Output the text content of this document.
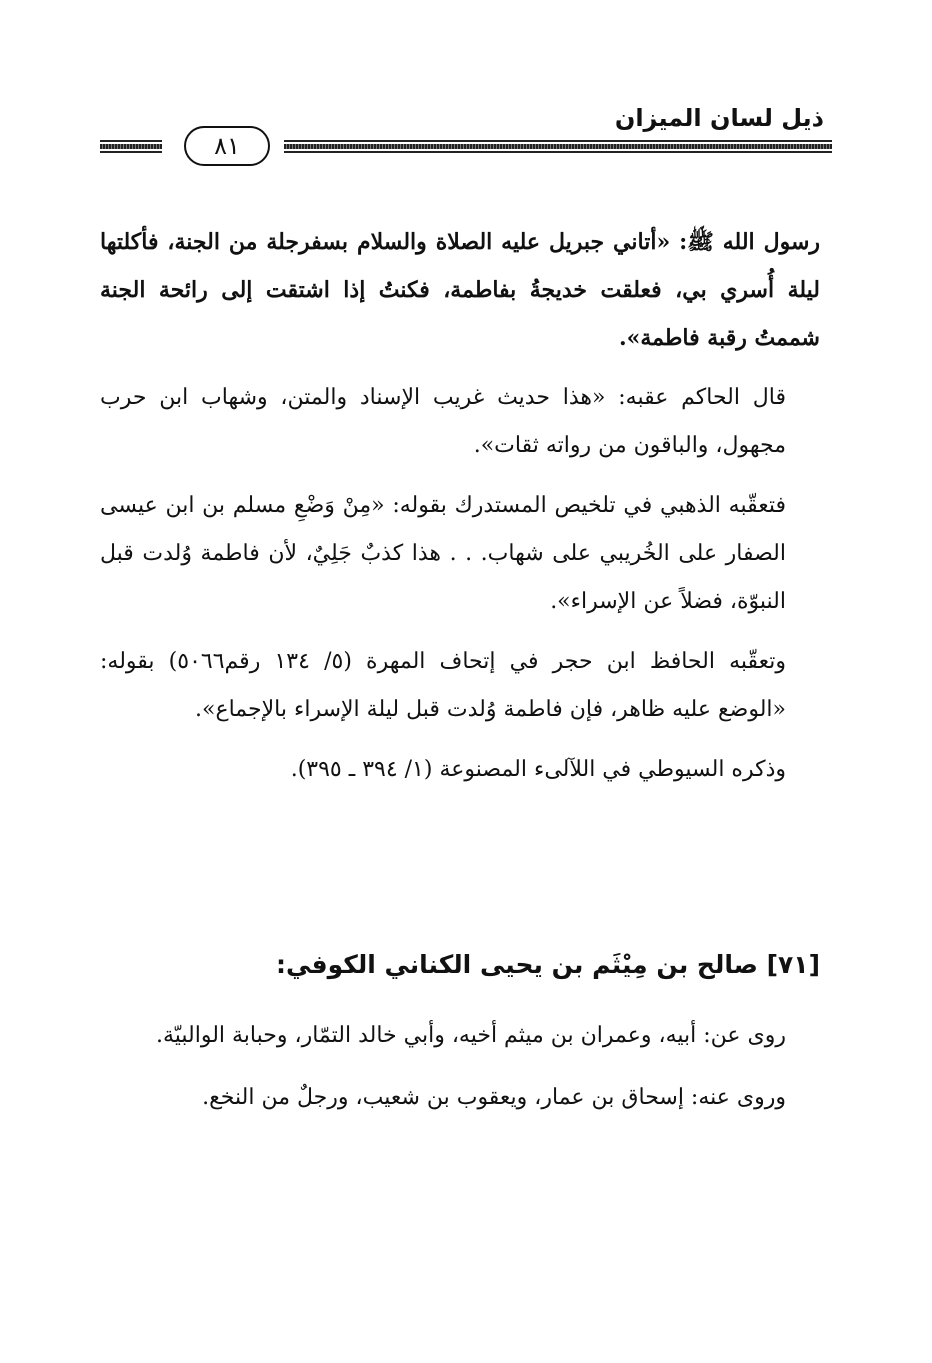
ذيل لسان الميزان
٨١

رسول الله ﷺ: «أتاني جبريل عليه الصلاة والسلام بسفرجلة من الجنة، فأكلتها ليلة أُسري بي، فعلقت خديجةُ بفاطمة، فكنتُ إذا اشتقت إلى رائحة الجنة شممتُ رقبة فاطمة».

قال الحاكم عقبه: «هذا حديث غريب الإسناد والمتن، وشهاب ابن حرب مجهول، والباقون من رواته ثقات».

فتعقّبه الذهبي في تلخيص المستدرك بقوله: «مِنْ وَضْعِ مسلم بن ابن عيسى الصفار على الخُريبي على شهاب. . . هذا كذبٌ جَلِيٌ، لأن فاطمة وُلدت قبل النبوّة، فضلاً عن الإسراء».

وتعقّبه الحافظ ابن حجر في إتحاف المهرة (٥/ ١٣٤ رقم٥٠٦٦) بقوله: «الوضع عليه ظاهر، فإن فاطمة وُلدت قبل ليلة الإسراء بالإجماع».

وذكره السيوطي في اللآلىء المصنوعة (١/ ٣٩٤ ـ ٣٩٥).

[٧١] صالح بن مِيْثَم بن يحيى الكناني الكوفي:

روى عن: أبيه، وعمران بن ميثم أخيه، وأبي خالد التمّار، وحبابة الوالبيّة.

وروى عنه: إسحاق بن عمار، ويعقوب بن شعيب، ورجلٌ من النخع.
